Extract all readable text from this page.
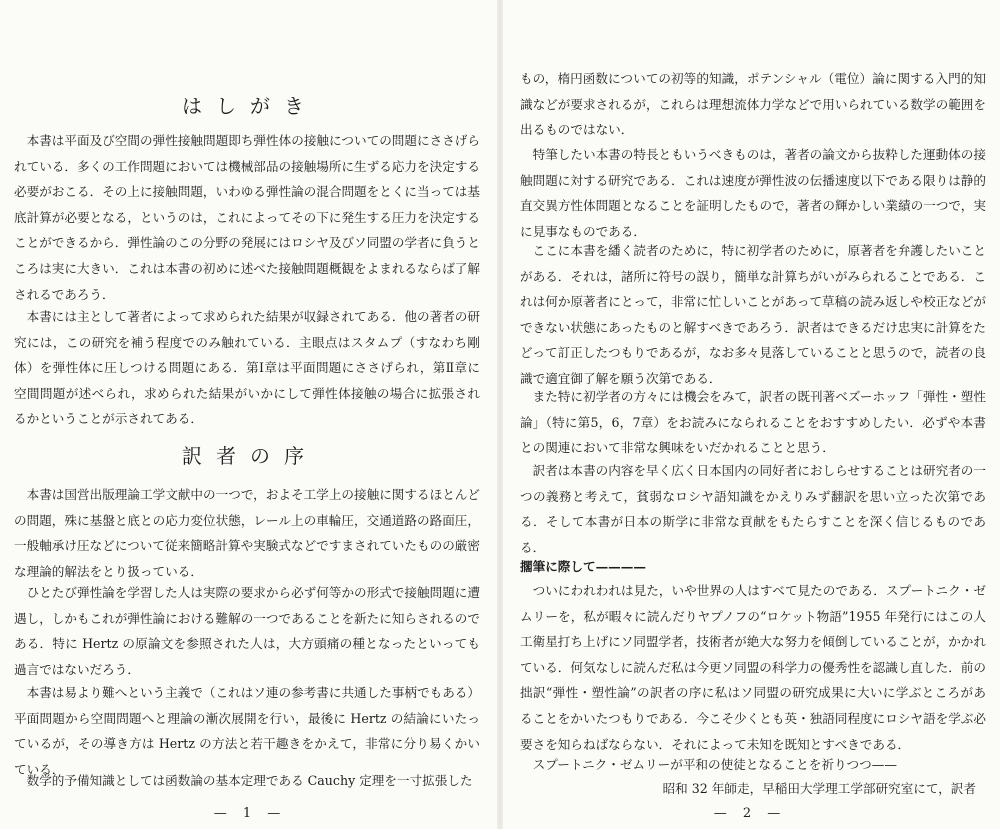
はしがき

本書は平面及び空間の弾性接触問題即ち弾性体の接触についての問題にささげられている．多くの工作問題においては機械部品の接触場所に生ずる応力を決定する必要がおこる．その上に接触問題，いわゆる弾性論の混合問題をとくに当っては基底計算が必要となる，というのは，これによってその下に発生する圧力を決定することができるから．弾性論のこの分野の発展にはロシヤ及びソ同盟の学者に負うところは実に大きい．これは本書の初めに述べた接触問題概観をよまれるならば了解されるであろう．

本書には主として著者によって求められた結果が収録されてある．他の著者の研究には，この研究を補う程度でのみ触れている．主眼点はスタムプ（すなわち剛体）を弾性体に圧しつける問題にある．第Ⅰ章は平面問題にささげられ，第Ⅱ章に空間問題が述べられ，求められた結果がいかにして弾性体接触の場合に拡張されるかということが示されてある．

訳者の序

本書は国営出版理論工学文献中の一つで，およそ工学上の接触に関するほとんどの問題，殊に基盤と底との応力変位状態，レール上の車輪圧，交通道路の路面圧，一般軸承け圧などについて従来簡略計算や実験式などですまされていたものの厳密な理論的解法をとり扱っている．

ひとたび弾性論を学習した人は実際の要求から必ず何等かの形式で接触問題に遭遇し，しかもこれが弾性論における難解の一つであることを新たに知らされるのである．特に Hertz の原論文を参照された人は，大方頭痛の種となったといっても過言ではないだろう．

本書は易より難へという主義で（これはソ連の参考書に共通した事柄でもある）平面問題から空間問題へと理論の漸次展開を行い，最後に Hertz の結論にいたっているが，その導き方は Hertz の方法と若干趣きをかえて，非常に分り易くかいている．

数学的予備知識としては函数論の基本定理である Cauchy 定理を一寸拡張した

— 1 —

もの，楕円函数についての初等的知識，ポテンシャル（電位）論に関する入門的知識などが要求されるが，これらは理想流体力学などで用いられている数学の範囲を出るものではない．

特筆したい本書の特長ともいうべきものは，著者の論文から抜粋した運動体の接触問題に対する研究である．これは速度が弾性波の伝播速度以下である限りは静的直交異方性体問題となることを証明したもので，著者の輝かしい業績の一つで，実に見事なものである．

ここに本書を繙く読者のために，特に初学者のために，原著者を弁護したいことがある．それは，諸所に符号の誤り，簡単な計算ちがいがみられることである．これは何か原著者にとって，非常に忙しいことがあって草稿の読み返しや校正などができない状態にあったものと解すべきであろう．訳者はできるだけ忠実に計算をたどって訂正したつもりであるが，なお多々見落していることと思うので，読者の良識で適宜御了解を願う次第である．

また特に初学者の方々には機会をみて，訳者の既刊著ベズーホッフ「弾性・塑性論」（特に第5，6，7章）をお読みになられることをおすすめしたい．必ずや本書との関連において非常な興味をいだかれることと思う．

訳者は本書の内容を早く広く日本国内の同好者におしらせすることは研究者の一つの義務と考えて，貧弱なロシヤ語知識をかえりみず翻訳を思い立った次第である．そして本書が日本の斯学に非常な貢献をもたらすことを深く信じるものである．

擱筆に際して————

ついにわれわれは見た，いや世界の人はすべて見たのである．スプートニク・ゼムリーを，私が暇々に読んだりヤプノフの“ロケット物語”1955 年発行にはこの人工衛星打ち上げにソ同盟学者，技術者が絶大な努力を傾倒していることが，かかれている．何気なしに読んだ私は今更ソ同盟の科学力の優秀性を認識し直した．前の拙訳“弾性・塑性論”の訳者の序に私はソ同盟の研究成果に大いに学ぶところがあることをかいたつもりである．今こそ少くとも英・独語同程度にロシヤ語を学ぶ必要さを知らねばならない．それによって未知を既知とすべきである．

スプートニク・ゼムリーが平和の使徒となることを祈りつつ——

昭和 32 年師走，早稲田大学理工学部研究室にて，訳者

— 2 —
